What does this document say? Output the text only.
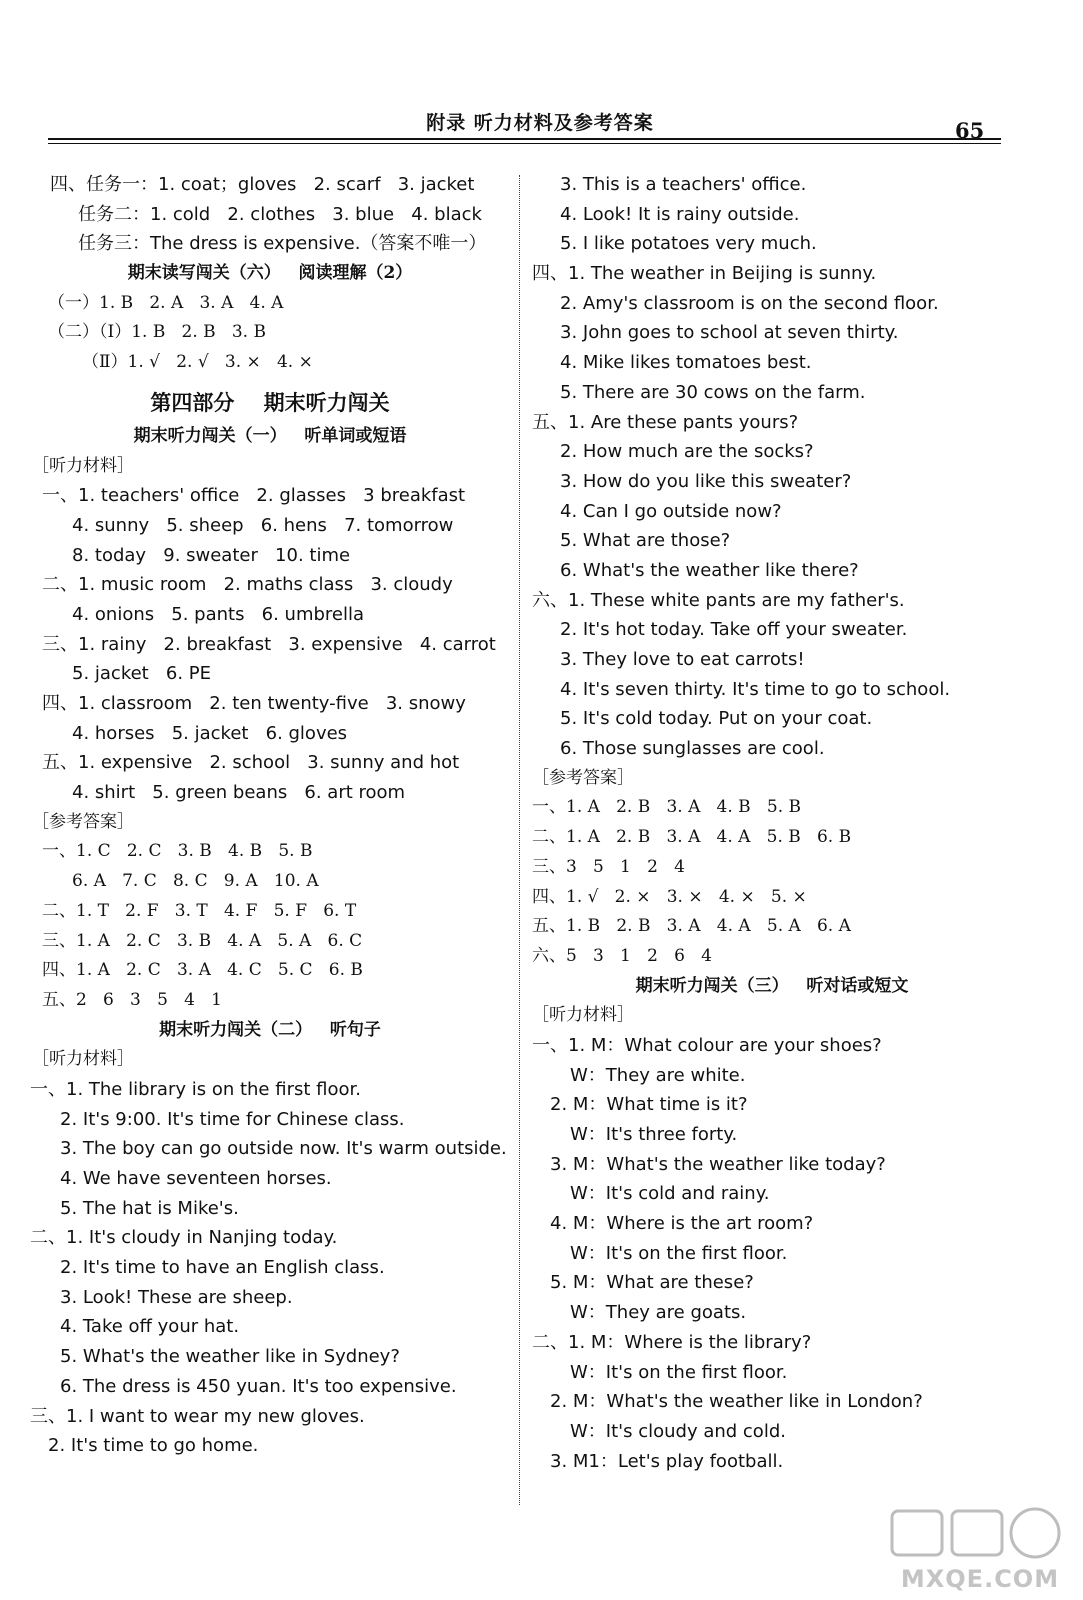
附录 听力材料及参考答案	65
四、任务一：1. coat；gloves   2. scarf   3. jacket
任务二：1. cold   2. clothes   3. blue   4. black
任务三：The dress is expensive.（答案不唯一）
期末读写闯关（六）   阅读理解（2）
（一）1. B   2. A   3. A   4. A
（二）（Ⅰ）1. B   2. B   3. B
（Ⅱ）1. √   2. √   3. ×   4. ×
第四部分    期末听力闯关
期末听力闯关（一）   听单词或短语
［听力材料］
一、1. teachers' office   2. glasses   3 breakfast
4. sunny   5. sheep   6. hens   7. tomorrow
8. today   9. sweater   10. time
二、1. music room   2. maths class   3. cloudy
4. onions   5. pants   6. umbrella
三、1. rainy   2. breakfast   3. expensive   4. carrot
5. jacket   6. PE
四、1. classroom   2. ten twenty-five   3. snowy
4. horses   5. jacket   6. gloves
五、1. expensive   2. school   3. sunny and hot
4. shirt   5. green beans   6. art room
［参考答案］
一、1. C   2. C   3. B   4. B   5. B
6. A   7. C   8. C   9. A   10. A
二、1. T   2. F   3. T   4. F   5. F   6. T
三、1. A   2. C   3. B   4. A   5. A   6. C
四、1. A   2. C   3. A   4. C   5. C   6. B
五、2   6   3   5   4   1
期末听力闯关（二）   听句子
［听力材料］
一、1. The library is on the first floor.
2. It's 9:00. It's time for Chinese class.
3. The boy can go outside now. It's warm outside.
4. We have seventeen horses.
5. The hat is Mike's.
二、1. It's cloudy in Nanjing today.
2. It's time to have an English class.
3. Look! These are sheep.
4. Take off your hat.
5. What's the weather like in Sydney?
6. The dress is 450 yuan. It's too expensive.
三、1. I want to wear my new gloves.
2. It's time to go home.
3. This is a teachers' office.
4. Look! It is rainy outside.
5. I like potatoes very much.
四、1. The weather in Beijing is sunny.
2. Amy's classroom is on the second floor.
3. John goes to school at seven thirty.
4. Mike likes tomatoes best.
5. There are 30 cows on the farm.
五、1. Are these pants yours?
2. How much are the socks?
3. How do you like this sweater?
4. Can I go outside now?
5. What are those?
6. What's the weather like there?
六、1. These white pants are my father's.
2. It's hot today. Take off your sweater.
3. They love to eat carrots!
4. It's seven thirty. It's time to go to school.
5. It's cold today. Put on your coat.
6. Those sunglasses are cool.
［参考答案］
一、1. A   2. B   3. A   4. B   5. B
二、1. A   2. B   3. A   4. A   5. B   6. B
三、3   5   1   2   4
四、1. √   2. ×   3. ×   4. ×   5. ×
五、1. B   2. B   3. A   4. A   5. A   6. A
六、5   3   1   2   6   4
期末听力闯关（三）   听对话或短文
［听力材料］
一、1. M：What colour are your shoes?
W：They are white.
2. M：What time is it?
W：It's three forty.
3. M：What's the weather like today?
W：It's cold and rainy.
4. M：Where is the art room?
W：It's on the first floor.
5. M：What are these?
W：They are goats.
二、1. M：Where is the library?
W：It's on the first floor.
2. M：What's the weather like in London?
W：It's cloudy and cold.
3. M1：Let's play football.
MXQE.COM
